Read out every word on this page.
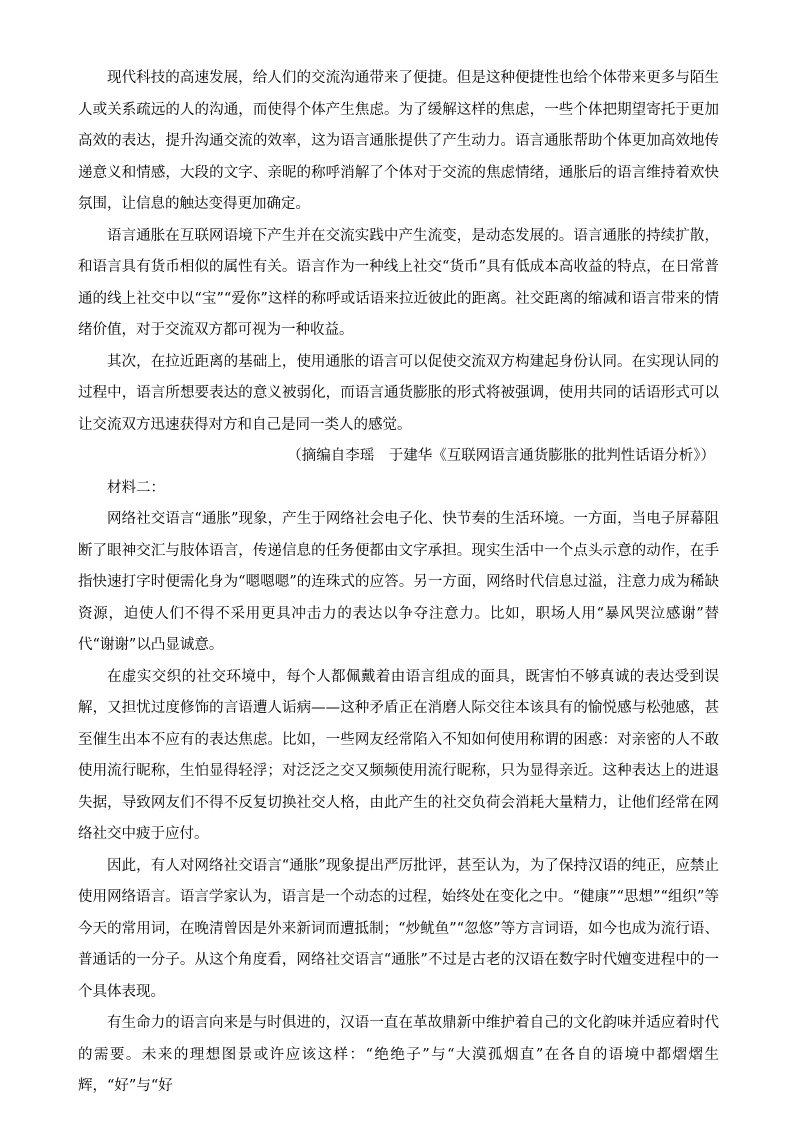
现代科技的高速发展，给人们的交流沟通带来了便捷。但是这种便捷性也给个体带来更多与陌生人或关系疏远的人的沟通，而使得个体产生焦虑。为了缓解这样的焦虑，一些个体把期望寄托于更加高效的表达，提升沟通交流的效率，这为语言通胀提供了产生动力。语言通胀帮助个体更加高效地传递意义和情感，大段的文字、亲昵的称呼消解了个体对于交流的焦虑情绪，通胀后的语言维持着欢快氛围，让信息的触达变得更加确定。

语言通胀在互联网语境下产生并在交流实践中产生流变，是动态发展的。语言通胀的持续扩散，和语言具有货币相似的属性有关。语言作为一种线上社交“货币”具有低成本高收益的特点，在日常普通的线上社交中以“宝”“爱你”这样的称呼或话语来拉近彼此的距离。社交距离的缩减和语言带来的情绪价值，对于交流双方都可视为一种收益。

其次，在拉近距离的基础上，使用通胀的语言可以促使交流双方构建起身份认同。在实现认同的过程中，语言所想要表达的意义被弱化，而语言通货膨胀的形式将被强调，使用共同的话语形式可以让交流双方迅速获得对方和自己是同一类人的感觉。

（摘编自李瑶　于建华《互联网语言通货膨胀的批判性话语分析》）

材料二：

网络社交语言“通胀”现象，产生于网络社会电子化、快节奏的生活环境。一方面，当电子屏幕阻断了眼神交汇与肢体语言，传递信息的任务便都由文字承担。现实生活中一个点头示意的动作，在手指快速打字时便需化身为“嗯嗯嗯”的连珠式的应答。另一方面，网络时代信息过溢，注意力成为稀缺资源，迫使人们不得不采用更具冲击力的表达以争夺注意力。比如，职场人用“暴风哭泣感谢”替代“谢谢”以凸显诚意。

在虚实交织的社交环境中，每个人都佩戴着由语言组成的面具，既害怕不够真诚的表达受到误解，又担忧过度修饰的言语遭人诟病——这种矛盾正在消磨人际交往本该具有的愉悦感与松弛感，甚至催生出本不应有的表达焦虑。比如，一些网友经常陷入不知如何使用称谓的困惑：对亲密的人不敢使用流行昵称，生怕显得轻浮；对泛泛之交又频频使用流行昵称，只为显得亲近。这种表达上的进退失据，导致网友们不得不反复切换社交人格，由此产生的社交负荷会消耗大量精力，让他们经常在网络社交中疲于应付。

因此，有人对网络社交语言“通胀”现象提出严厉批评，甚至认为，为了保持汉语的纯正，应禁止使用网络语言。语言学家认为，语言是一个动态的过程，始终处在变化之中。“健康”“思想”“组织”等今天的常用词，在晚清曾因是外来新词而遭抵制；“炒鱿鱼”“忽悠”等方言词语，如今也成为流行语、普通话的一分子。从这个角度看，网络社交语言“通胀”不过是古老的汉语在数字时代嬗变进程中的一个具体表现。

有生命力的语言向来是与时俱进的，汉语一直在革故鼎新中维护着自己的文化韵味并适应着时代的需要。未来的理想图景或许应该这样：“绝绝子”与“大漠孤烟直”在各自的语境中都熠熠生辉，“好”与“好
